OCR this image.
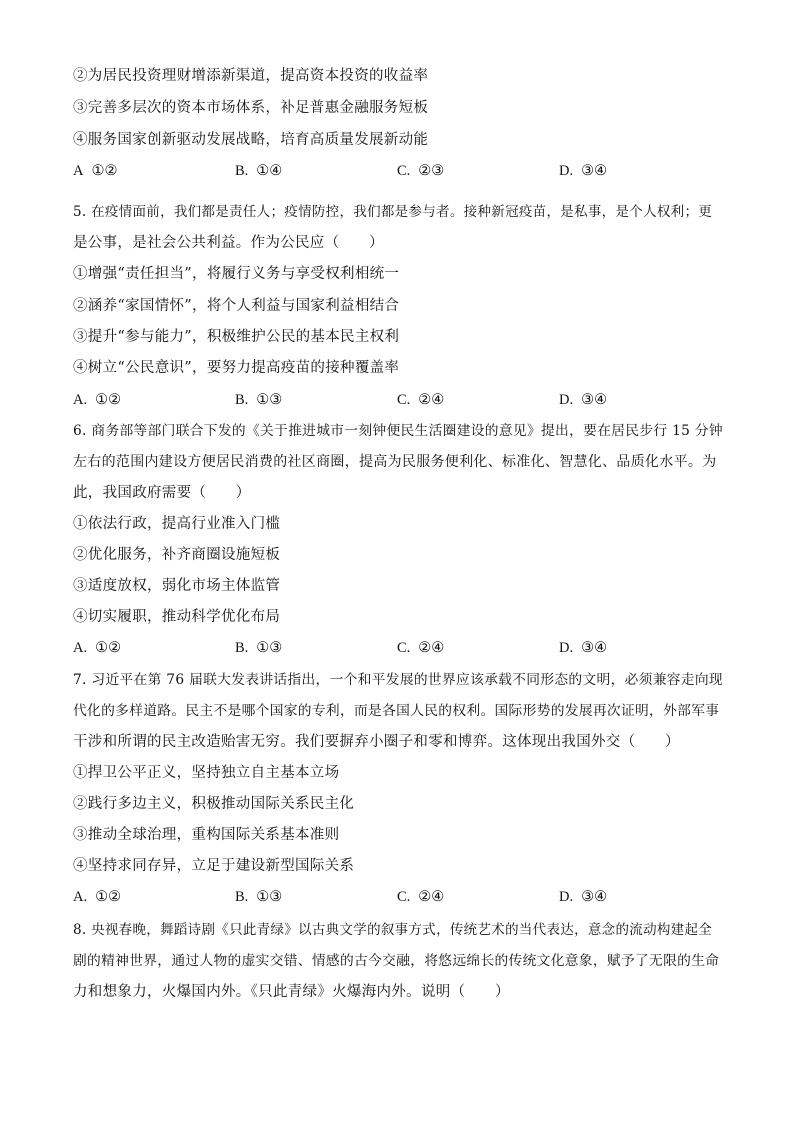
②为居民投资理财增添新渠道，提高资本投资的收益率
③完善多层次的资本市场体系，补足普惠金融服务短板
④服务国家创新驱动发展战略，培育高质量发展新动能
A ①②	B. ①④	C. ②③	D. ③④
5. 在疫情面前，我们都是责任人；疫情防控，我们都是参与者。接种新冠疫苗，是私事，是个人权利；更
是公事，是社会公共利益。作为公民应（　　）
①增强“责任担当”，将履行义务与享受权利相统一
②涵养“家国情怀”，将个人利益与国家利益相结合
③提升“参与能力”，积极维护公民的基本民主权利
④树立“公民意识”，要努力提高疫苗的接种覆盖率
A. ①②	B. ①③	C. ②④	D. ③④
6. 商务部等部门联合下发的《关于推进城市一刻钟便民生活圈建设的意见》提出，要在居民步行 15 分钟
左右的范围内建设方便居民消费的社区商圈，提高为民服务便利化、标准化、智慧化、品质化水平。为
此，我国政府需要（　　）
①依法行政，提高行业准入门槛
②优化服务，补齐商圈设施短板
③适度放权，弱化市场主体监管
④切实履职，推动科学优化布局
A. ①②	B. ①③	C. ②④	D. ③④
7. 习近平在第 76 届联大发表讲话指出，一个和平发展的世界应该承载不同形态的文明，必须兼容走向现
代化的多样道路。民主不是哪个国家的专利，而是各国人民的权利。国际形势的发展再次证明，外部军事
干涉和所谓的民主改造贻害无穷。我们要摒弃小圈子和零和博弈。这体现出我国外交（　　）
①捍卫公平正义，坚持独立自主基本立场
②践行多边主义，积极推动国际关系民主化
③推动全球治理，重构国际关系基本准则
④坚持求同存异，立足于建设新型国际关系
A. ①②	B. ①③	C. ②④	D. ③④
8. 央视春晚，舞蹈诗剧《只此青绿》以古典文学的叙事方式，传统艺术的当代表达，意念的流动构建起全
剧的精神世界，通过人物的虚实交错、情感的古今交融，将悠远绵长的传统文化意象，赋予了无限的生命
力和想象力，火爆国内外。《只此青绿》火爆海内外。说明（　　）
